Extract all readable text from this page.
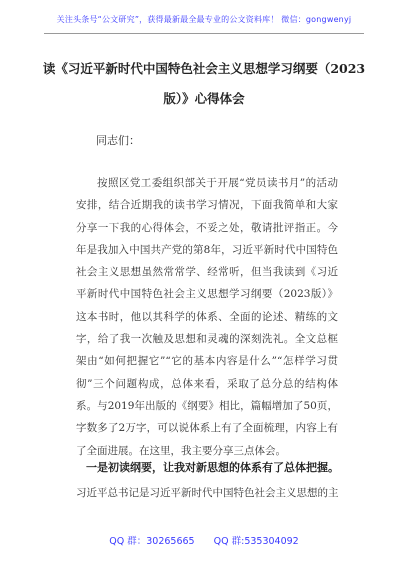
关注头条号“公文研究”，获得最新最全最专业的公文资料库！ 微信：gongwenyj
读《习近平新时代中国特色社会主义思想学习纲要（2023版）》心得体会
同志们：

按照区党工委组织部关于开展“党员读书月”的活动安排，结合近期我的读书学习情况，下面我简单和大家分享一下我的心得体会，不妥之处，敬请批评指正。今年是我加入中国共产党的第8年，习近平新时代中国特色社会主义思想虽然常常学、经常听，但当我读到《习近平新时代中国特色社会主义思想学习纲要（2023版）》这本书时，他以其科学的体系、全面的论述、精练的文字，给了我一次触及思想和灵魂的深刻洗礼。全文总框架由“如何把握它”“它的基本内容是什么”“怎样学习贯彻”三个问题构成，总体来看，采取了总分总的结构体系。与2019年出版的《纲要》相比，篇幅增加了50页，字数多了2万字，可以说体系上有了全面梳理，内容上有了全面进展。在这里，我主要分享三点体会。

一是初读纲要，让我对新思想的体系有了总体把握。

习近平总书记是习近平新时代中国特色社会主义思想的主

QQ 群：30265665 QQ 群:535304092
